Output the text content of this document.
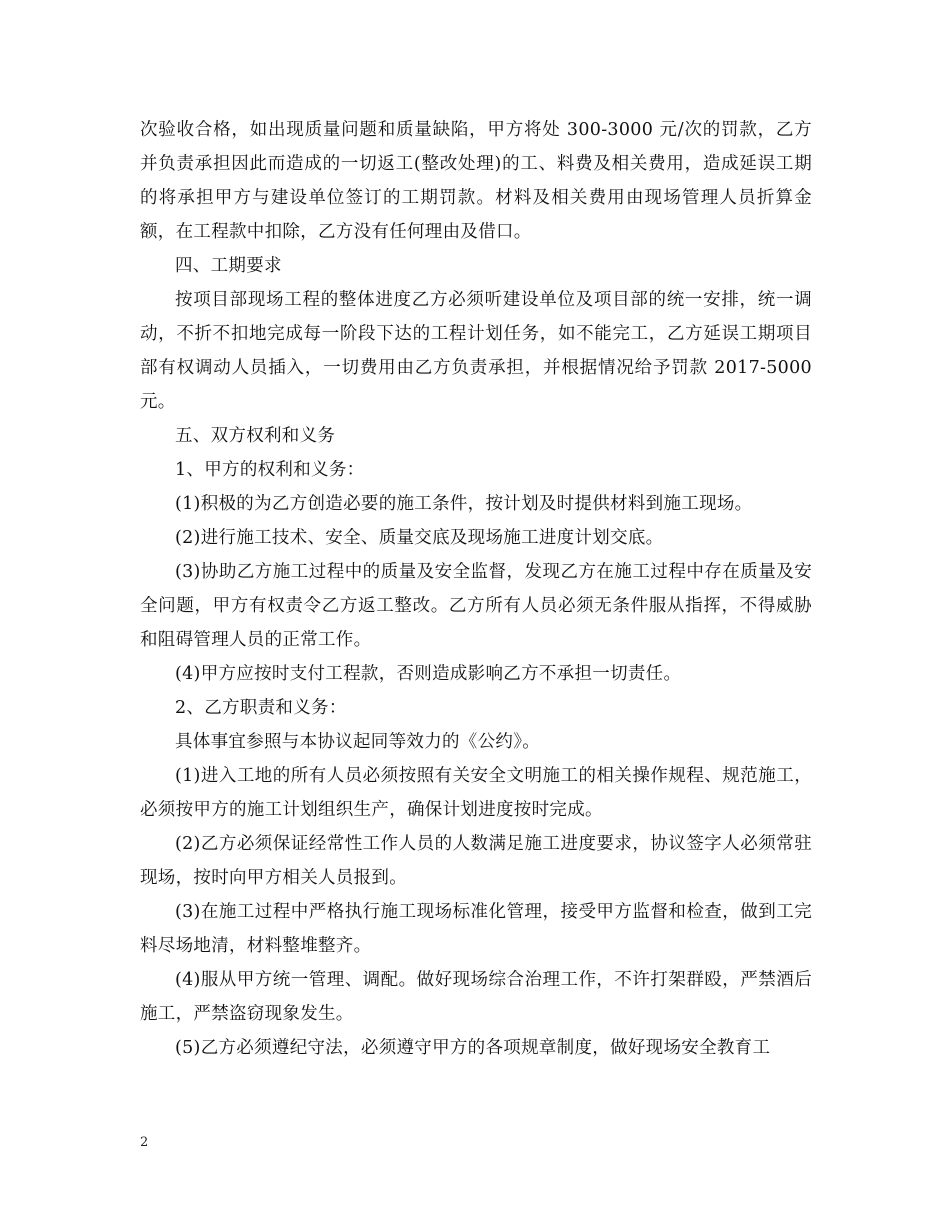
次验收合格，如出现质量问题和质量缺陷，甲方将处 300-3000 元/次的罚款，乙方并负责承担因此而造成的一切返工(整改处理)的工、料费及相关费用，造成延误工期的将承担甲方与建设单位签订的工期罚款。材料及相关费用由现场管理人员折算金额，在工程款中扣除，乙方没有任何理由及借口。

四、工期要求

按项目部现场工程的整体进度乙方必须听建设单位及项目部的统一安排，统一调动，不折不扣地完成每一阶段下达的工程计划任务，如不能完工，乙方延误工期项目部有权调动人员插入，一切费用由乙方负责承担，并根据情况给予罚款 2017-5000 元。

五、双方权利和义务

1、甲方的权利和义务：

(1)积极的为乙方创造必要的施工条件，按计划及时提供材料到施工现场。

(2)进行施工技术、安全、质量交底及现场施工进度计划交底。

(3)协助乙方施工过程中的质量及安全监督，发现乙方在施工过程中存在质量及安全问题，甲方有权责令乙方返工整改。乙方所有人员必须无条件服从指挥，不得威胁和阻碍管理人员的正常工作。

(4)甲方应按时支付工程款，否则造成影响乙方不承担一切责任。

2、乙方职责和义务：

具体事宜参照与本协议起同等效力的《公约》。

(1)进入工地的所有人员必须按照有关安全文明施工的相关操作规程、规范施工，必须按甲方的施工计划组织生产，确保计划进度按时完成。

(2)乙方必须保证经常性工作人员的人数满足施工进度要求，协议签字人必须常驻现场，按时向甲方相关人员报到。

(3)在施工过程中严格执行施工现场标准化管理，接受甲方监督和检查，做到工完料尽场地清，材料整堆整齐。

(4)服从甲方统一管理、调配。做好现场综合治理工作，不许打架群殴，严禁酒后施工，严禁盗窃现象发生。

(5)乙方必须遵纪守法，必须遵守甲方的各项规章制度，做好现场安全教育工

2
